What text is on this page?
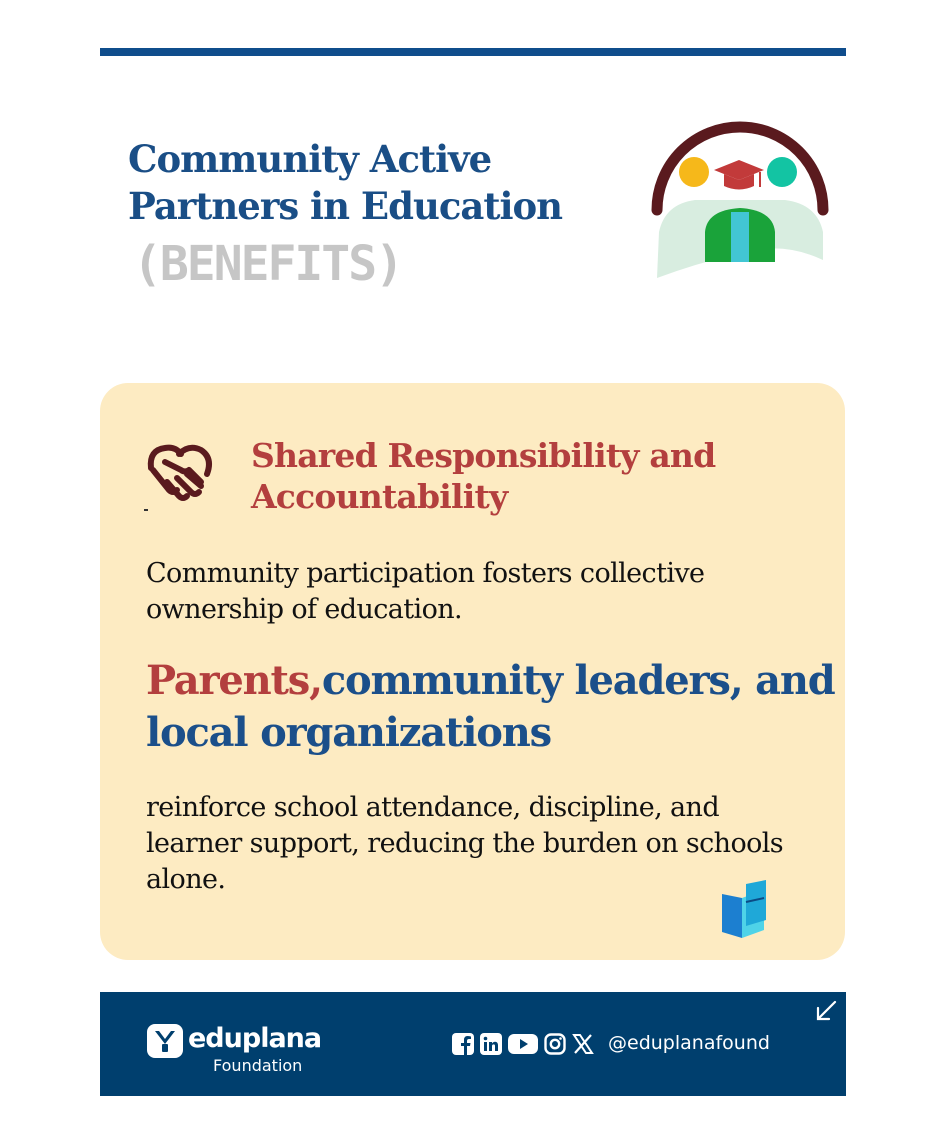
Community Active
Partners in Education
(BENEFITS)
Shared Responsibility and
Accountability

Community participation fosters collective ownership of education.

Parents,community leaders, and local organizations

reinforce school attendance, discipline, and learner support, reducing the burden on schools alone.

eduplana

Foundation

@eduplanafound
